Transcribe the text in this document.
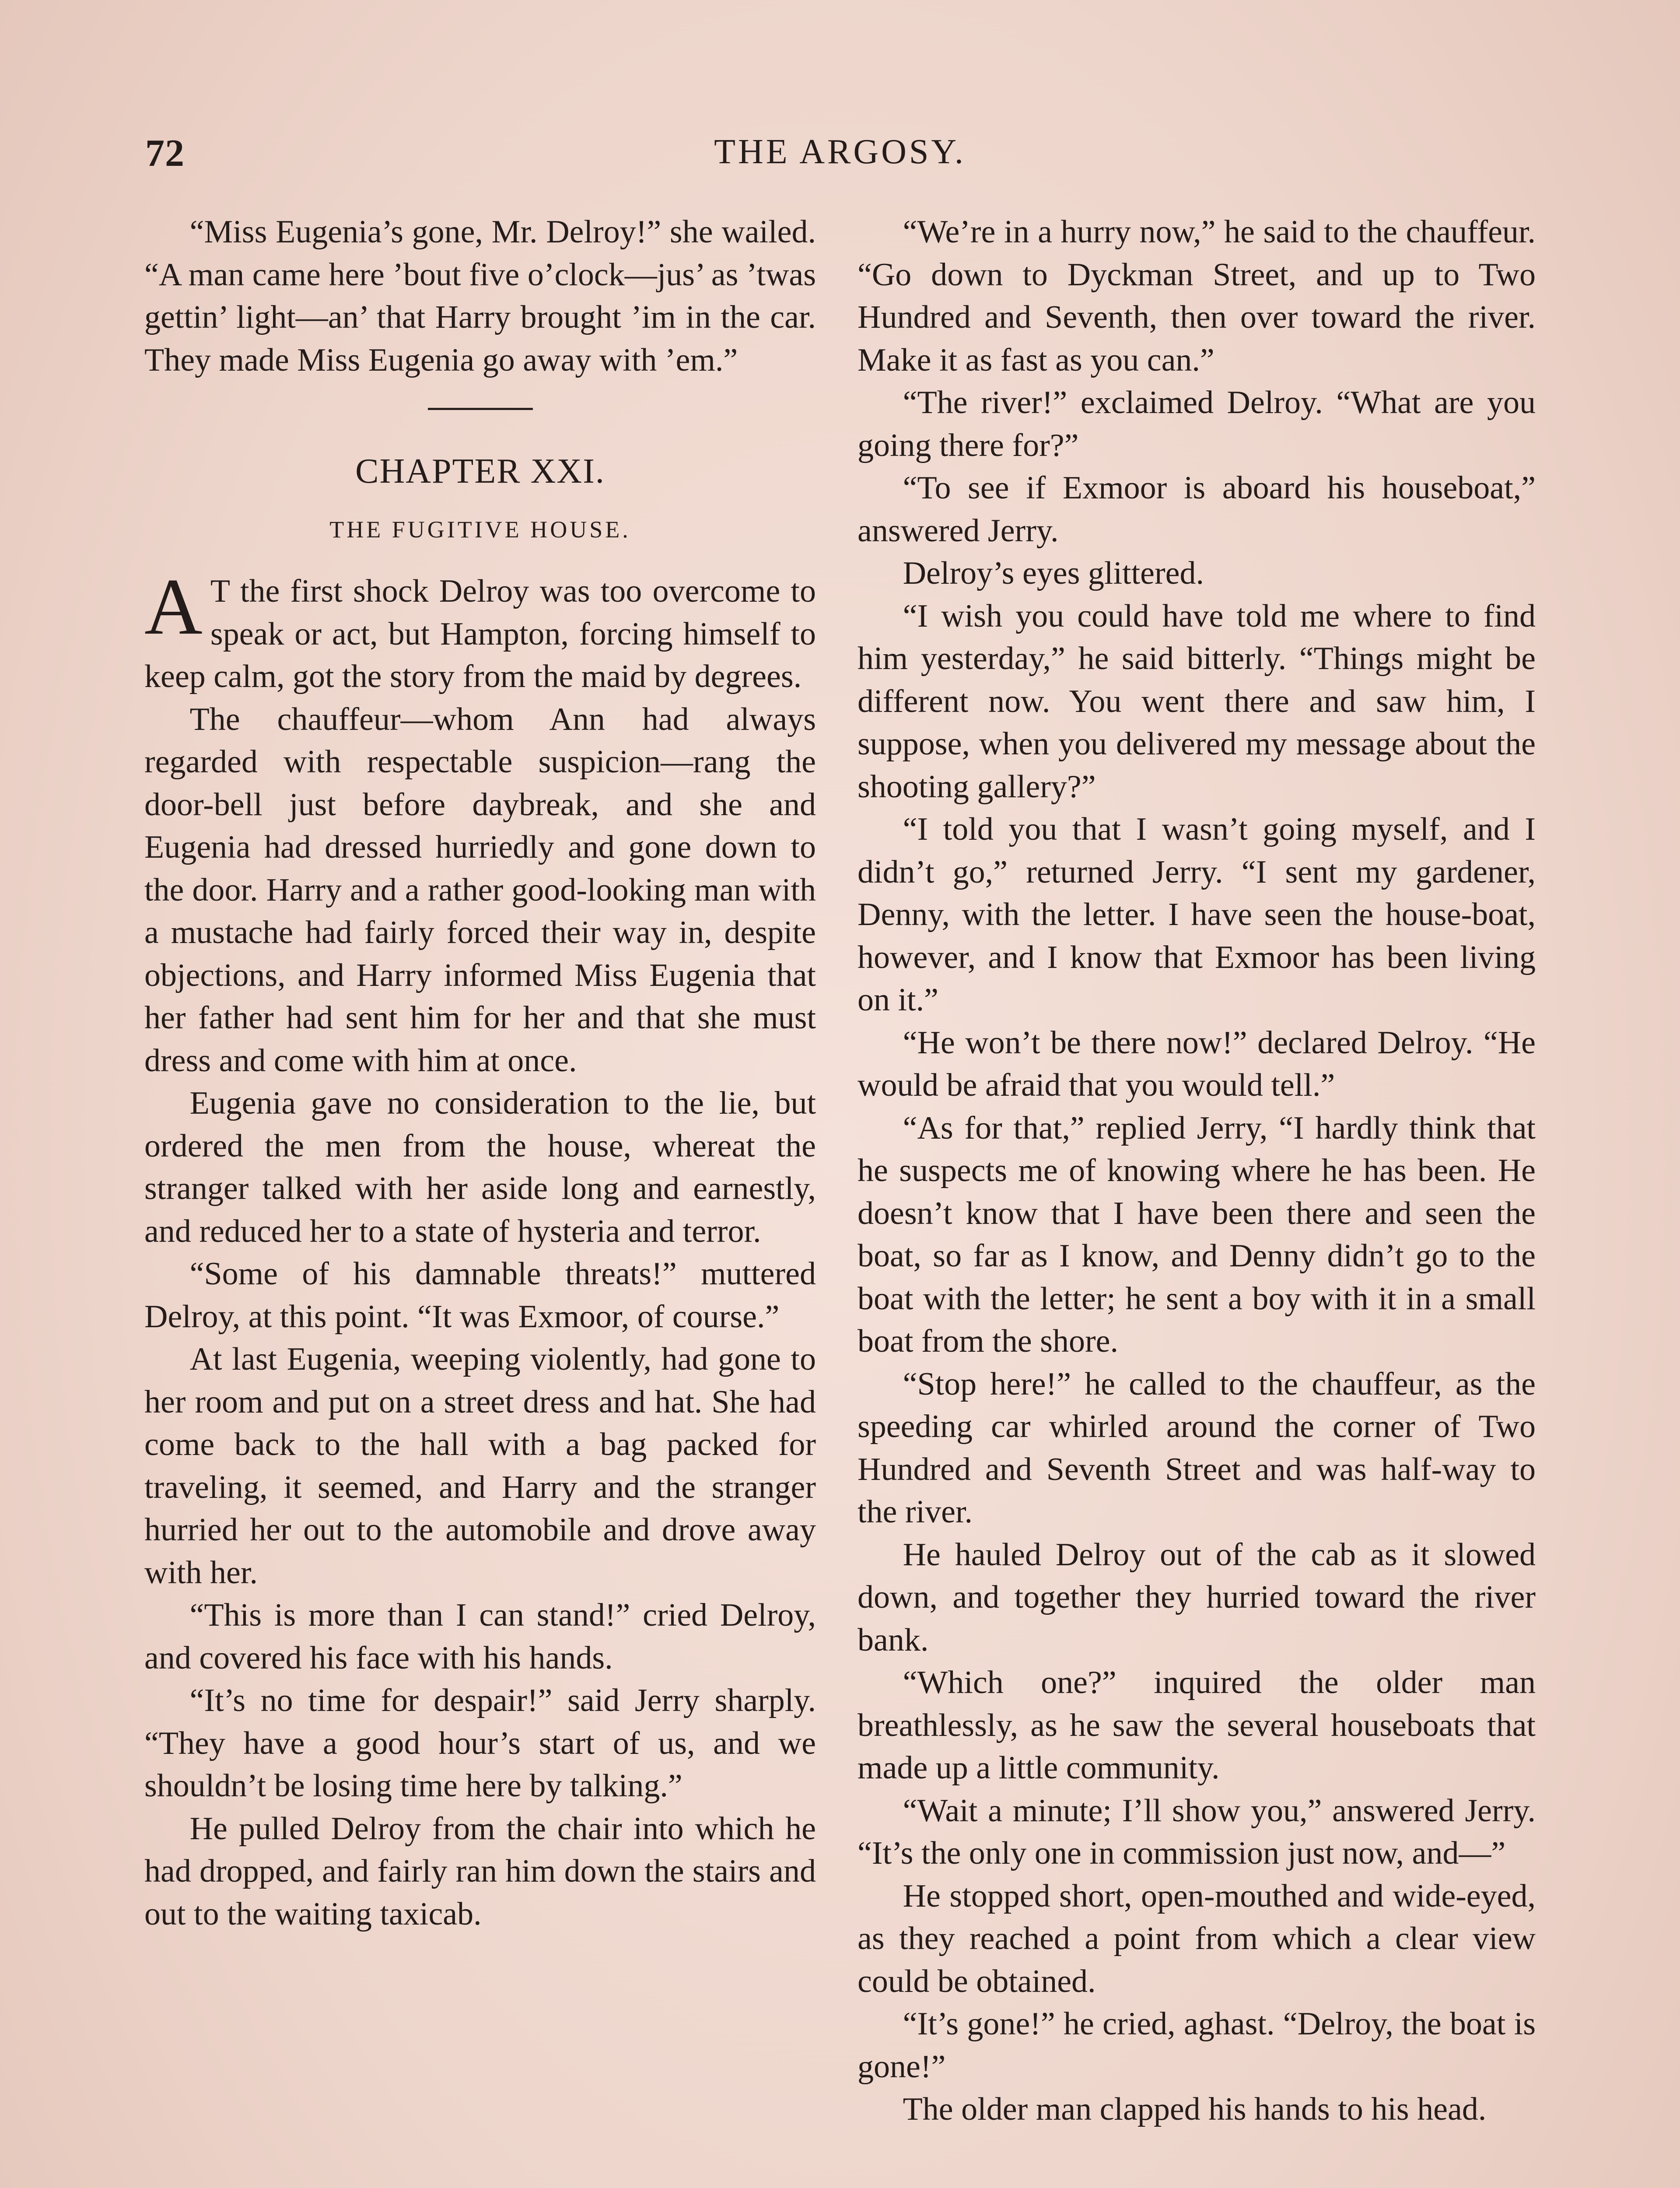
72	THE ARGOSY.

“Miss Eugenia’s gone, Mr. Delroy!” she wailed. “A man came here ’bout five o’clock—jus’ as ’twas gettin’ light—an’ that Harry brought ’im in the car. They made Miss Eugenia go away with ’em.”

CHAPTER XXI.
THE FUGITIVE HOUSE.

A T the first shock Delroy was too overcome to speak or act, but Hampton, forcing himself to keep calm, got the story from the maid by degrees.

The chauffeur—whom Ann had always regarded with respectable suspicion—rang the door-bell just before daybreak, and she and Eugenia had dressed hurriedly and gone down to the door. Harry and a rather good-looking man with a mustache had fairly forced their way in, despite objections, and Harry informed Miss Eugenia that her father had sent him for her and that she must dress and come with him at once.

Eugenia gave no consideration to the lie, but ordered the men from the house, whereat the stranger talked with her aside long and earnestly, and reduced her to a state of hysteria and terror.

“Some of his damnable threats!” muttered Delroy, at this point. “It was Exmoor, of course.”

At last Eugenia, weeping violently, had gone to her room and put on a street dress and hat. She had come back to the hall with a bag packed for traveling, it seemed, and Harry and the stranger hurried her out to the automobile and drove away with her.

“This is more than I can stand!” cried Delroy, and covered his face with his hands.

“It’s no time for despair!” said Jerry sharply. “They have a good hour’s start of us, and we shouldn’t be losing time here by talking.”

He pulled Delroy from the chair into which he had dropped, and fairly ran him down the stairs and out to the waiting taxicab.

“We’re in a hurry now,” he said to the chauffeur. “Go down to Dyckman Street, and up to Two Hundred and Seventh, then over toward the river. Make it as fast as you can.”

“The river!” exclaimed Delroy. “What are you going there for?”

“To see if Exmoor is aboard his houseboat,” answered Jerry.

Delroy’s eyes glittered.

“I wish you could have told me where to find him yesterday,” he said bitterly. “Things might be different now. You went there and saw him, I suppose, when you delivered my message about the shooting gallery?”

“I told you that I wasn’t going myself, and I didn’t go,” returned Jerry. “I sent my gardener, Denny, with the letter. I have seen the house-boat, however, and I know that Exmoor has been living on it.”

“He won’t be there now!” declared Delroy. “He would be afraid that you would tell.”

“As for that,” replied Jerry, “I hardly think that he suspects me of knowing where he has been. He doesn’t know that I have been there and seen the boat, so far as I know, and Denny didn’t go to the boat with the letter; he sent a boy with it in a small boat from the shore.

“Stop here!” he called to the chauffeur, as the speeding car whirled around the corner of Two Hundred and Seventh Street and was half-way to the river.

He hauled Delroy out of the cab as it slowed down, and together they hurried toward the river bank.

“Which one?” inquired the older man breathlessly, as he saw the several houseboats that made up a little community.

“Wait a minute; I’ll show you,” answered Jerry. “It’s the only one in commission just now, and—”

He stopped short, open-mouthed and wide-eyed, as they reached a point from which a clear view could be obtained.

“It’s gone!” he cried, aghast. “Delroy, the boat is gone!”

The older man clapped his hands to his head.
